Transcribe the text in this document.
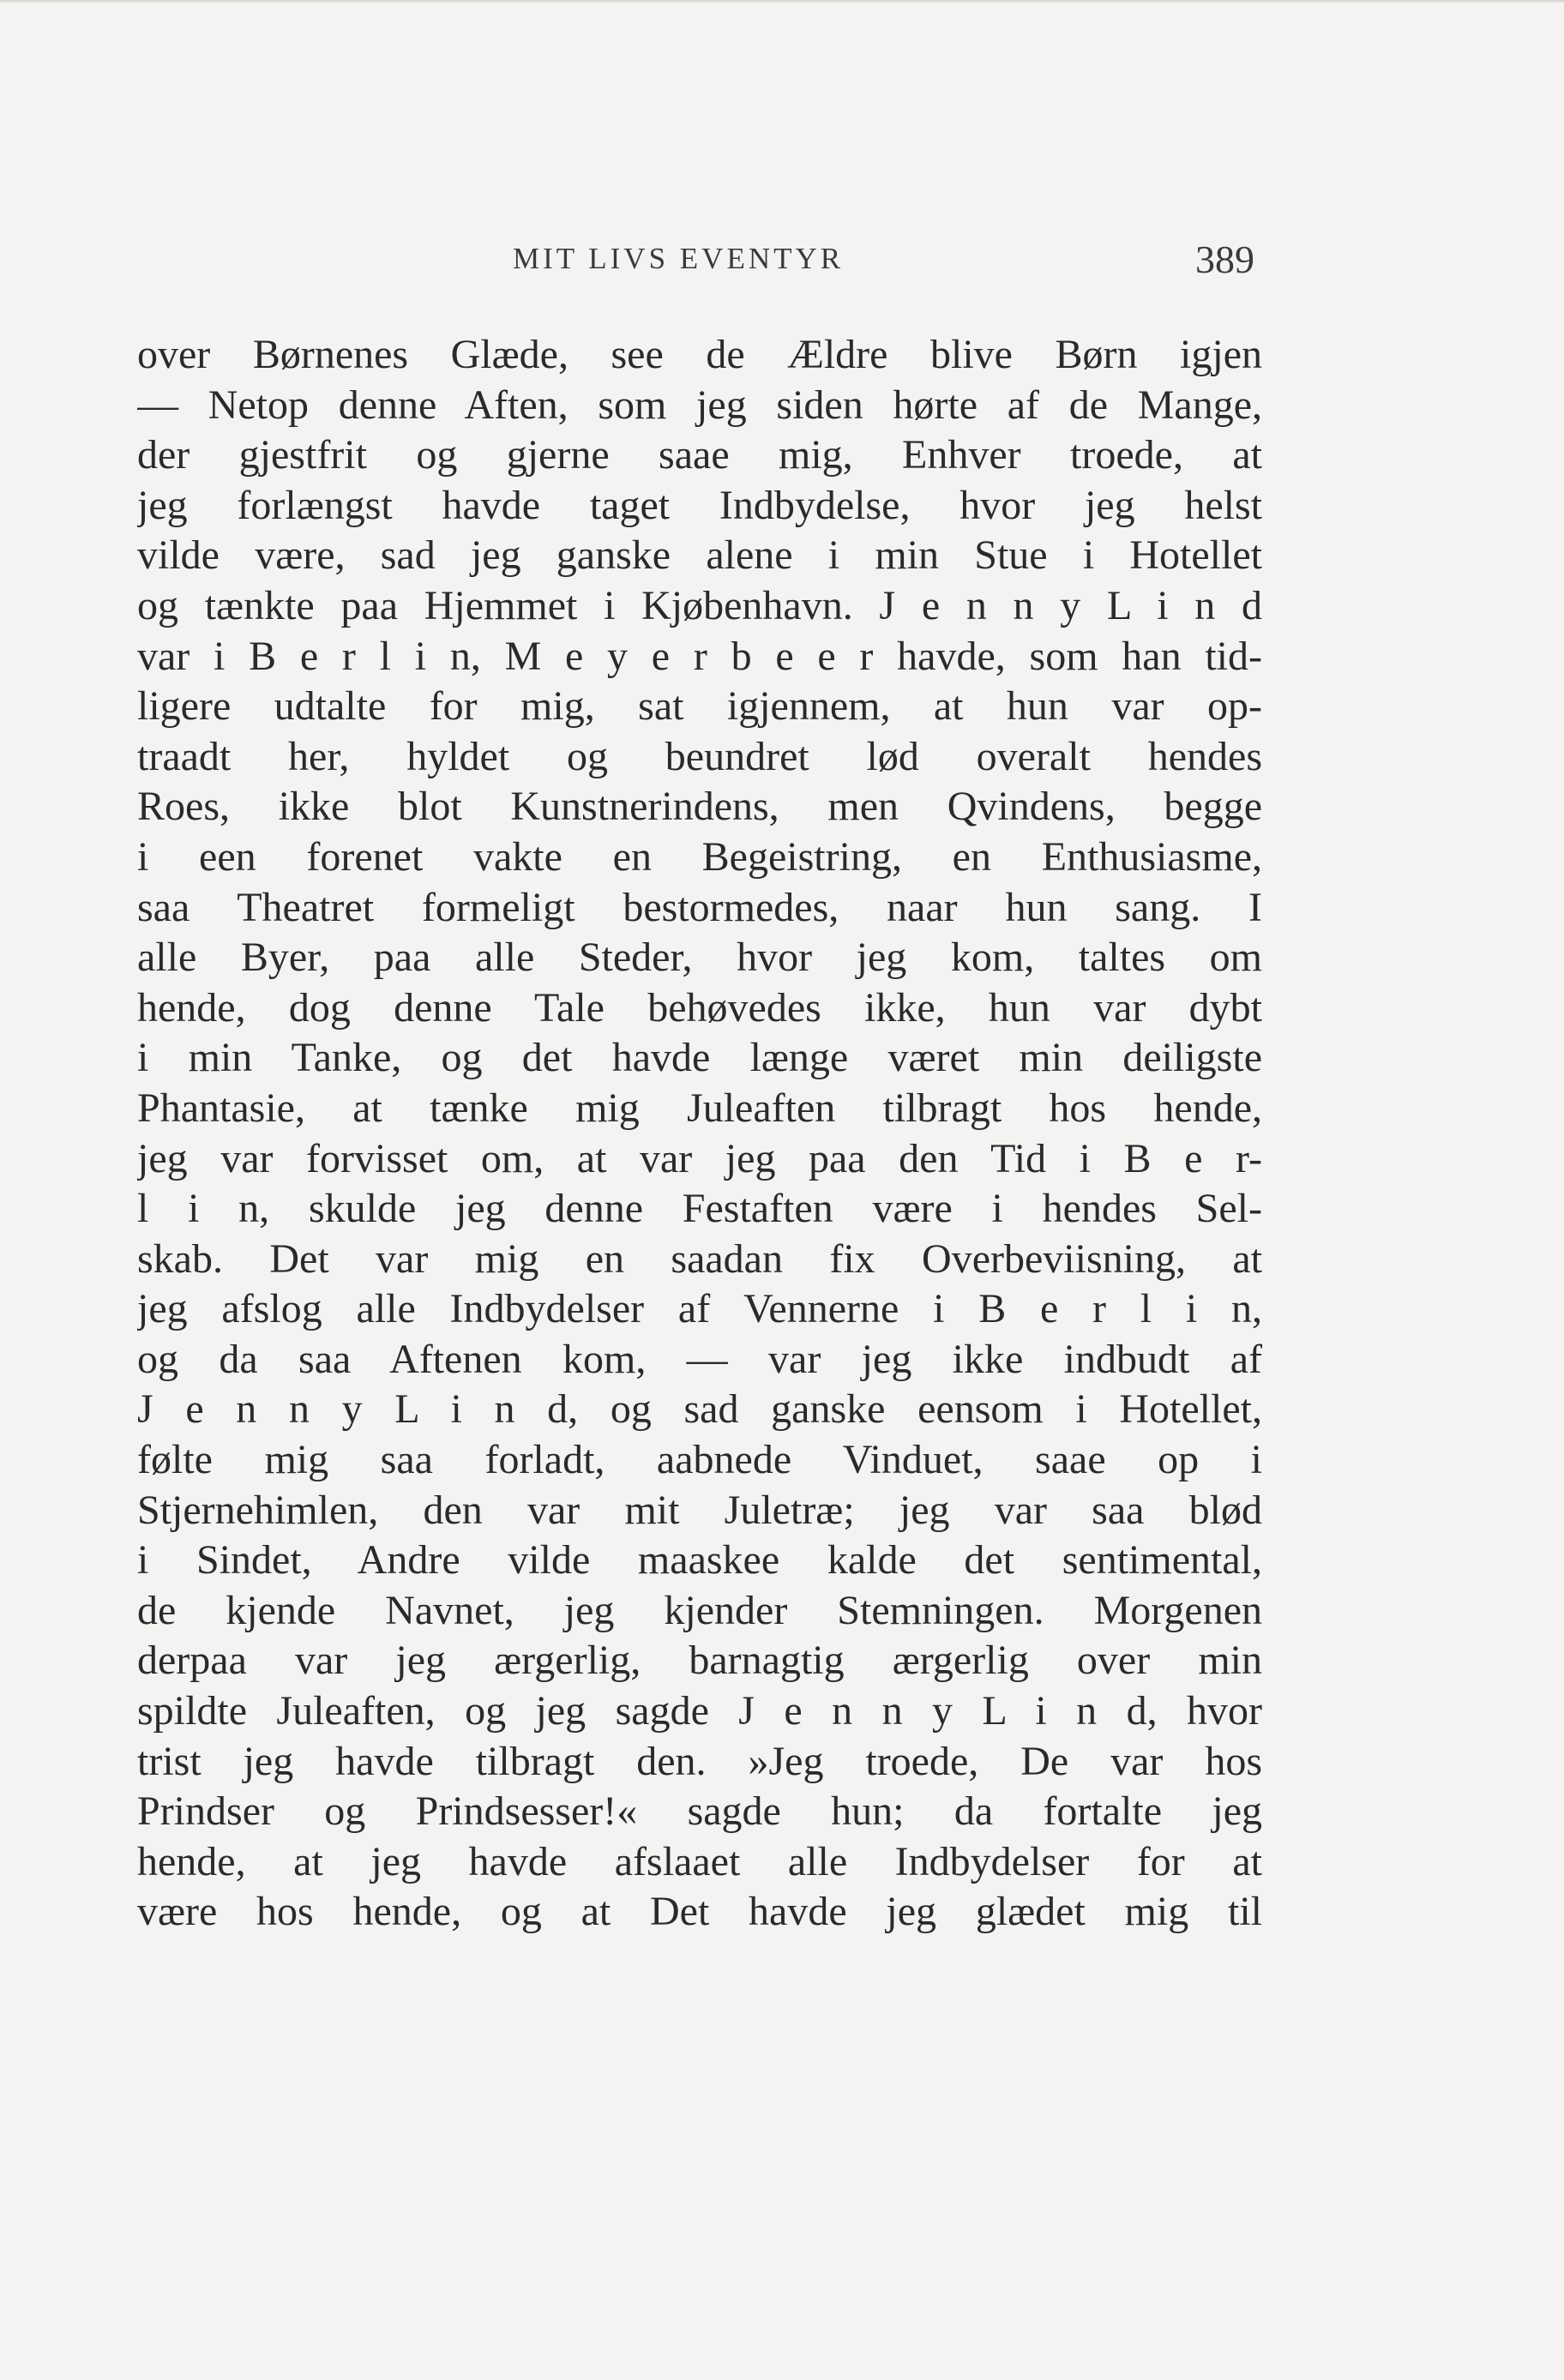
MIT LIVS EVENTYR	389
over Børnenes Glæde, see de Ældre blive Børn igjen
— Netop denne Aften, som jeg siden hørte af de Mange,
der gjestfrit og gjerne saae mig, Enhver troede, at
jeg forlængst havde taget Indbydelse, hvor jeg helst
vilde være, sad jeg ganske alene i min Stue i Hotellet
og tænkte paa Hjemmet i Kjøbenhavn. J e n n y L i n d
var i B e r l i n, M e y e r b e e r havde, som han tid-
ligere udtalte for mig, sat igjennem, at hun var op-
traadt her, hyldet og beundret lød overalt hendes
Roes, ikke blot Kunstnerindens, men Qvindens, begge
i een forenet vakte en Begeistring, en Enthusiasme,
saa Theatret formeligt bestormedes, naar hun sang. I
alle Byer, paa alle Steder, hvor jeg kom, taltes om
hende, dog denne Tale behøvedes ikke, hun var dybt
i min Tanke, og det havde længe været min deiligste
Phantasie, at tænke mig Juleaften tilbragt hos hende,
jeg var forvisset om, at var jeg paa den Tid i B e r-
l i n, skulde jeg denne Festaften være i hendes Sel-
skab. Det var mig en saadan fix Overbeviisning, at
jeg afslog alle Indbydelser af Vennerne i B e r l i n,
og da saa Aftenen kom, — var jeg ikke indbudt af
J e n n y L i n d, og sad ganske eensom i Hotellet,
følte mig saa forladt, aabnede Vinduet, saae op i
Stjernehimlen, den var mit Juletræ; jeg var saa blød
i Sindet, Andre vilde maaskee kalde det sentimental,
de kjende Navnet, jeg kjender Stemningen. Morgenen
derpaa var jeg ærgerlig, barnagtig ærgerlig over min
spildte Juleaften, og jeg sagde J e n n y L i n d, hvor
trist jeg havde tilbragt den. »Jeg troede, De var hos
Prindser og Prindsesser!« sagde hun; da fortalte jeg
hende, at jeg havde afslaaet alle Indbydelser for at
være hos hende, og at Det havde jeg glædet mig til
